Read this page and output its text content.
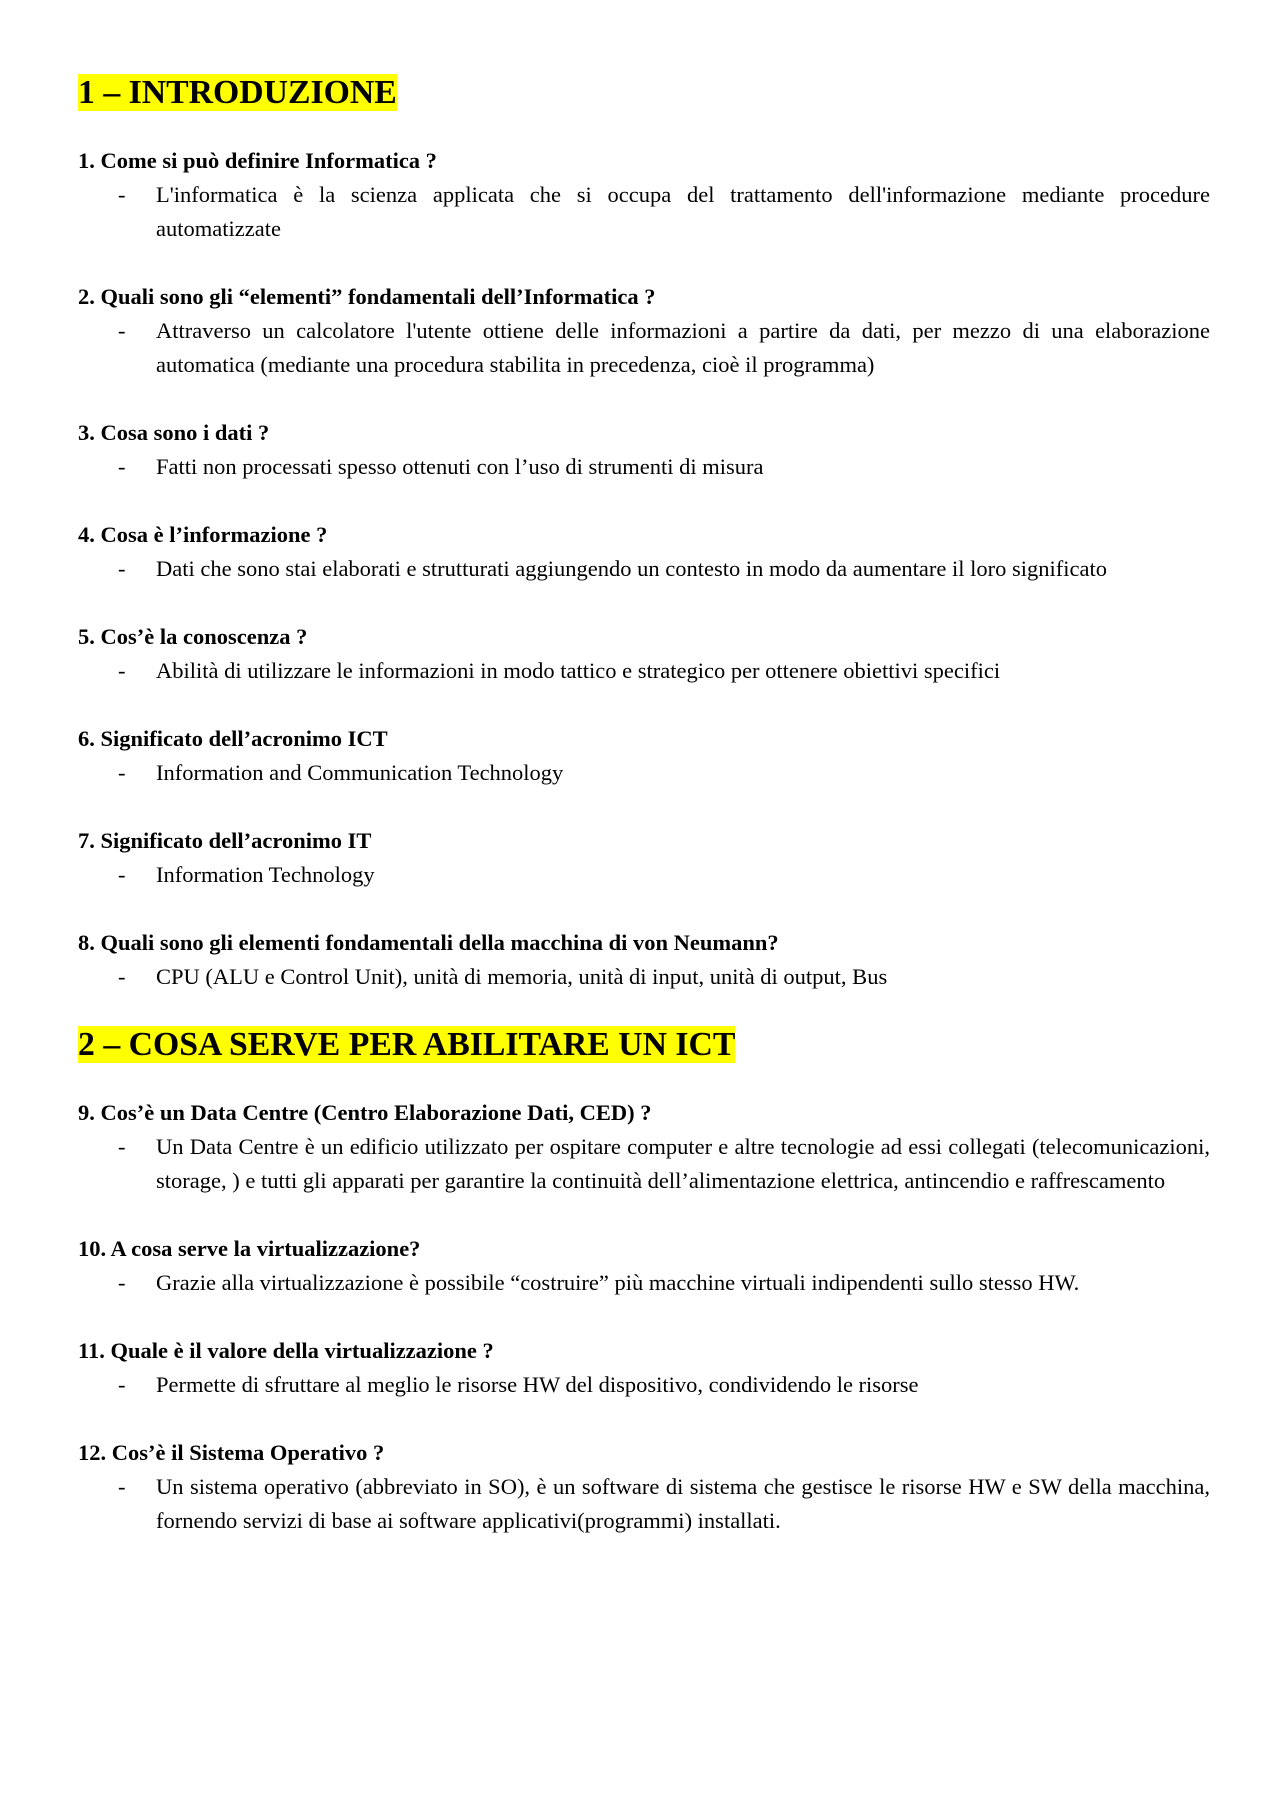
1 – INTRODUZIONE

1. Come si può definire Informatica ?

- L'informatica è la scienza applicata che si occupa del trattamento dell'informazione mediante procedure automatizzate

2. Quali sono gli “elementi” fondamentali dell’Informatica ?

- Attraverso un calcolatore l'utente ottiene delle informazioni a partire da dati, per mezzo di una elaborazione automatica (mediante una procedura stabilita in precedenza, cioè il programma)

3. Cosa sono i dati ?

- Fatti non processati spesso ottenuti con l’uso di strumenti di misura

4. Cosa è l’informazione ?

- Dati che sono stai elaborati e strutturati aggiungendo un contesto in modo da aumentare il loro significato

5. Cos’è la conoscenza ?

- Abilità di utilizzare le informazioni in modo tattico e strategico per ottenere obiettivi specifici

6. Significato dell’acronimo ICT

- Information and Communication Technology

7. Significato dell’acronimo IT

- Information Technology

8. Quali sono gli elementi fondamentali della macchina di von Neumann?

- CPU (ALU e Control Unit), unità di memoria, unità di input, unità di output, Bus

2 – COSA SERVE PER ABILITARE UN ICT

9. Cos’è un Data Centre (Centro Elaborazione Dati, CED) ?

- Un Data Centre è un edificio utilizzato per ospitare computer e altre tecnologie ad essi collegati (telecomunicazioni, storage, ) e tutti gli apparati per garantire la continuità dell’alimentazione elettrica, antincendio e raffrescamento

10. A cosa serve la virtualizzazione?

- Grazie alla virtualizzazione è possibile “costruire” più macchine virtuali indipendenti sullo stesso HW.

11. Quale è il valore della virtualizzazione ?

- Permette di sfruttare al meglio le risorse HW del dispositivo, condividendo le risorse

12. Cos’è il Sistema Operativo ?

- Un sistema operativo (abbreviato in SO), è un software di sistema che gestisce le risorse HW e SW della macchina, fornendo servizi di base ai software applicativi(programmi) installati.
